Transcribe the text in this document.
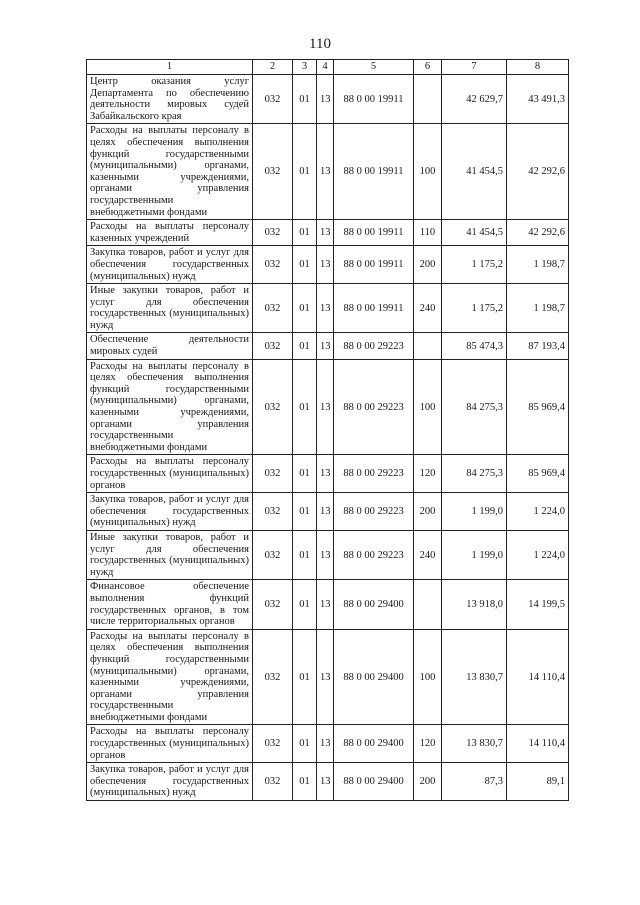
110
1	2	3	4	5	6	7	8
Центр оказания услуг Департамента по обеспечению деятельности мировых судей Забайкальского края	032	01	13	88 0 00 19911		42 629,7	43 491,3
Расходы на выплаты персоналу в целях обеспечения выполнения функций государственными (муниципальными) органами, казенными учреждениями, органами управления государственными внебюджетными фондами	032	01	13	88 0 00 19911	100	41 454,5	42 292,6
Расходы на выплаты персоналу казенных учреждений	032	01	13	88 0 00 19911	110	41 454,5	42 292,6
Закупка товаров, работ и услуг для обеспечения государственных (муниципальных) нужд	032	01	13	88 0 00 19911	200	1 175,2	1 198,7
Иные закупки товаров, работ и услуг для обеспечения государственных (муниципальных) нужд	032	01	13	88 0 00 19911	240	1 175,2	1 198,7
Обеспечение деятельности мировых судей	032	01	13	88 0 00 29223		85 474,3	87 193,4
Расходы на выплаты персоналу в целях обеспечения выполнения функций государственными (муниципальными) органами, казенными учреждениями, органами управления государственными внебюджетными фондами	032	01	13	88 0 00 29223	100	84 275,3	85 969,4
Расходы на выплаты персоналу государственных (муниципальных) органов	032	01	13	88 0 00 29223	120	84 275,3	85 969,4
Закупка товаров, работ и услуг для обеспечения государственных (муниципальных) нужд	032	01	13	88 0 00 29223	200	1 199,0	1 224,0
Иные закупки товаров, работ и услуг для обеспечения государственных (муниципальных) нужд	032	01	13	88 0 00 29223	240	1 199,0	1 224,0
Финансовое обеспечение выполнения функций государственных органов, в том числе территориальных органов	032	01	13	88 0 00 29400		13 918,0	14 199,5
Расходы на выплаты персоналу в целях обеспечения выполнения функций государственными (муниципальными) органами, казенными учреждениями, органами управления государственными внебюджетными фондами	032	01	13	88 0 00 29400	100	13 830,7	14 110,4
Расходы на выплаты персоналу государственных (муниципальных) органов	032	01	13	88 0 00 29400	120	13 830,7	14 110,4
Закупка товаров, работ и услуг для обеспечения государственных (муниципальных) нужд	032	01	13	88 0 00 29400	200	87,3	89,1
